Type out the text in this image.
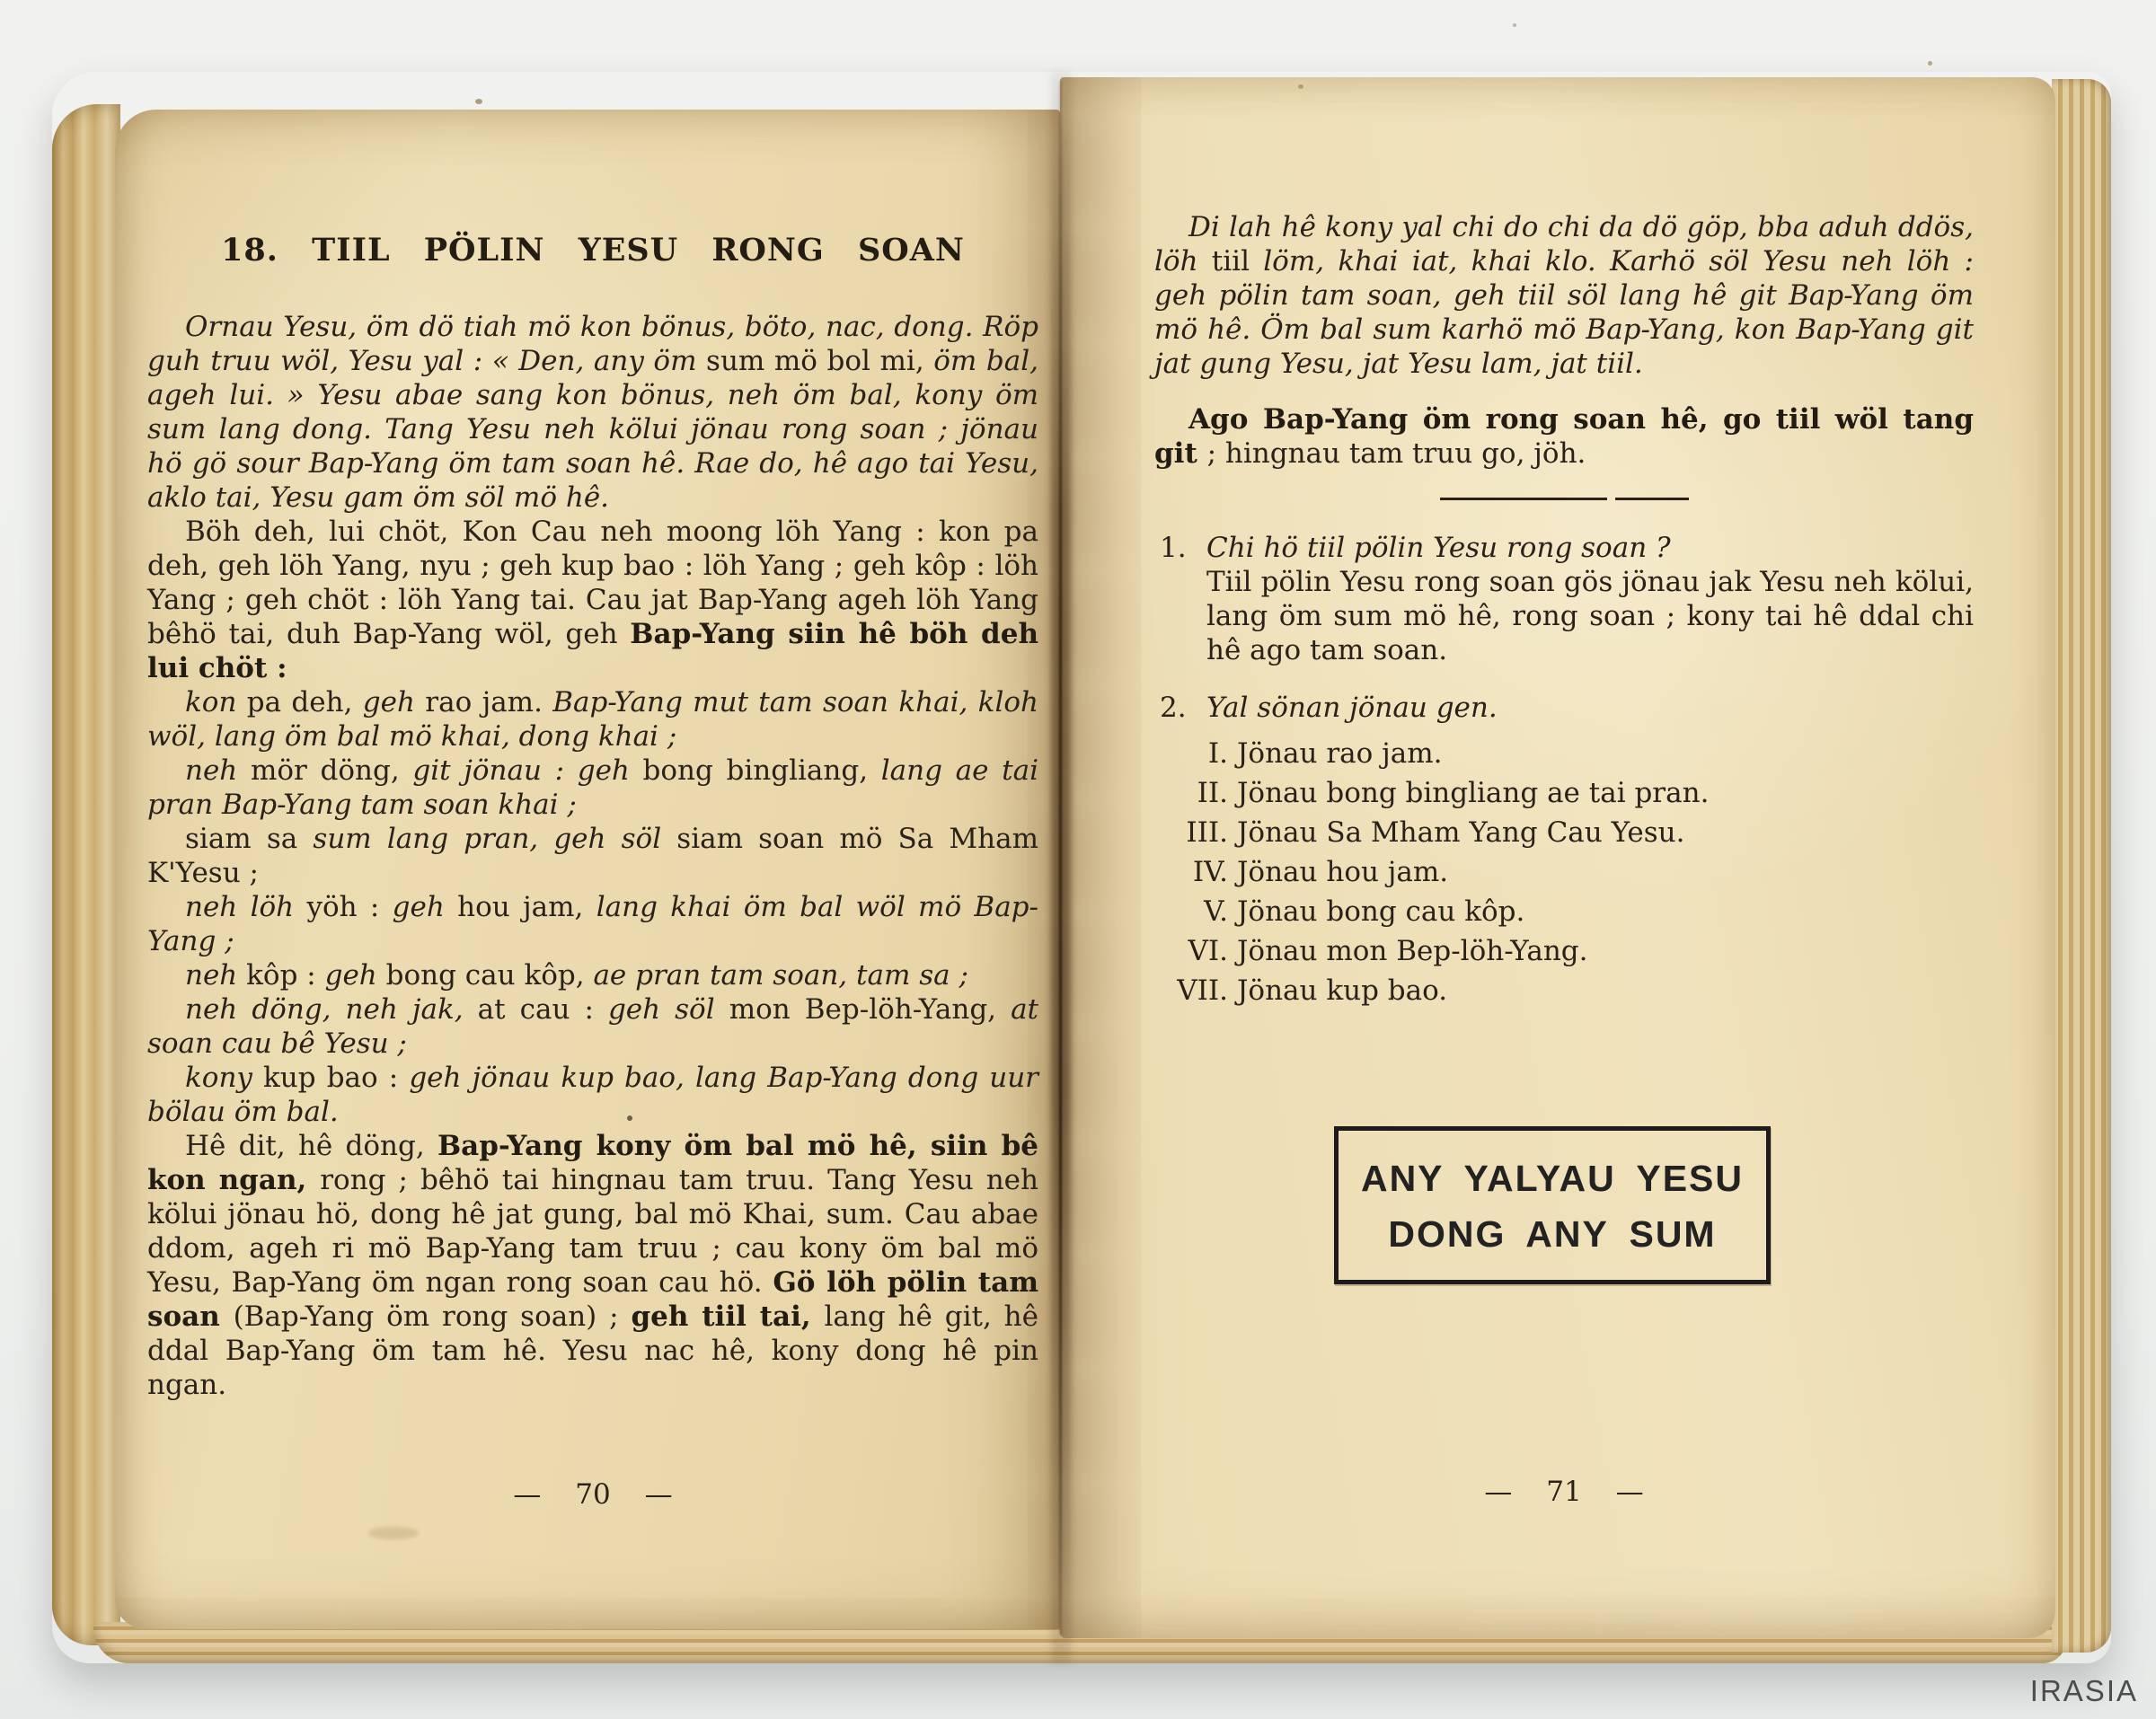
18. TIIL PÖLIN YESU RONG SOAN

Ornau Yesu, öm dö tiah mö kon bönus, böto, nac, dong. Röp guh truu wöl, Yesu yal : « Den, any öm sum mö bol mi, öm bal, ageh lui. » Yesu abae sang kon bönus, neh öm bal, kony öm sum lang dong. Tang Yesu neh kölui jönau rong soan ; jönau hö gö sour Bap-Yang öm tam soan hê. Rae do, hê ago tai Yesu, aklo tai, Yesu gam öm söl mö hê.

Böh deh, lui chöt, Kon Cau neh moong löh Yang : kon pa deh, geh löh Yang, nyu ; geh kup bao : löh Yang ; geh kôp : löh Yang ; geh chöt : löh Yang tai. Cau jat Bap-Yang ageh löh Yang bêhö tai, duh Bap-Yang wöl, geh Bap-Yang siin hê böh deh lui chöt :

kon pa deh, geh rao jam. Bap-Yang mut tam soan khai, kloh wöl, lang öm bal mö khai, dong khai ;

neh mör döng, git jönau : geh bong bingliang, lang ae tai pran Bap-Yang tam soan khai ;

siam sa sum lang pran, geh söl siam soan mö Sa Mham K'Yesu ;

neh löh yöh : geh hou jam, lang khai öm bal wöl mö Bap-Yang ;

neh kôp : geh bong cau kôp, ae pran tam soan, tam sa ;

neh döng, neh jak, at cau : geh söl mon Bep-löh-Yang, at soan cau bê Yesu ;

kony kup bao : geh jönau kup bao, lang Bap-Yang dong uur bölau öm bal.

Hê dit, hê döng, Bap-Yang kony öm bal mö hê, siin bê kon ngan, rong ; bêhö tai hingnau tam truu. Tang Yesu neh kölui jönau hö, dong hê jat gung, bal mö Khai, sum. Cau abae ddom, ageh ri mö Bap-Yang tam truu ; cau kony öm bal mö Yesu, Bap-Yang öm ngan rong soan cau hö. Gö löh pölin tam soan (Bap-Yang öm rong soan) ; geh tiil tai, lang hê git, hê ddal Bap-Yang öm tam hê. Yesu nac hê, kony dong hê pin ngan.

— 70 —

Di lah hê kony yal chi do chi da dö göp, bba aduh ddös, löh tiil löm, khai iat, khai klo. Karhö söl Yesu neh löh : geh pölin tam soan, geh tiil söl lang hê git Bap-Yang öm mö hê. Öm bal sum karhö mö Bap-Yang, kon Bap-Yang git jat gung Yesu, jat Yesu lam, jat tiil.

Ago Bap-Yang öm rong soan hê, go tiil wöl tang git ; hingnau tam truu go, jöh.

1. Chi hö tiil pölin Yesu rong soan ?
Tiil pölin Yesu rong soan gös jönau jak Yesu neh kölui, lang öm sum mö hê, rong soan ; kony tai hê ddal chi hê ago tam soan.
2. Yal sönan jönau gen.
I. Jönau rao jam.
II. Jönau bong bingliang ae tai pran.
III. Jönau Sa Mham Yang Cau Yesu.
IV. Jönau hou jam.
V. Jönau bong cau kôp.
VI. Jönau mon Bep-löh-Yang.
VII. Jönau kup bao.
ANY YALYAU YESU
DONG ANY SUM
— 71 —
IRASIA
